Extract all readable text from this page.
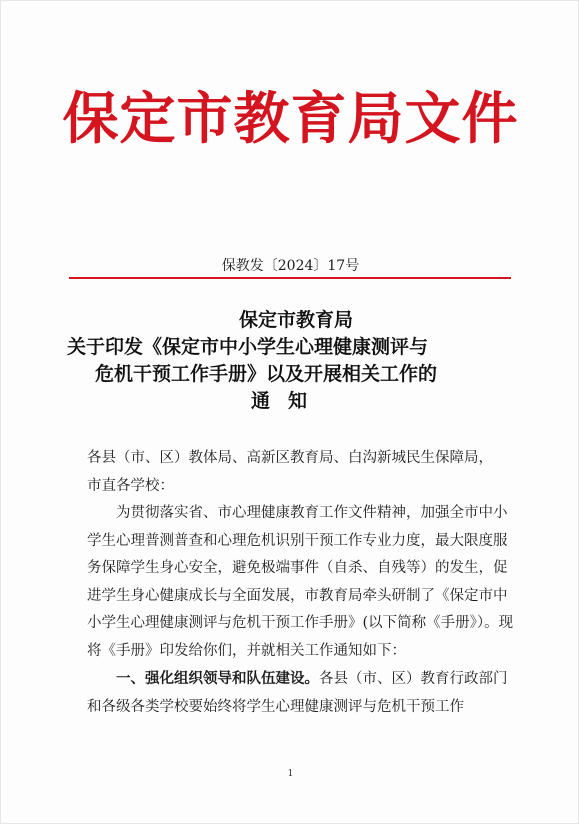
保定市教育局文件
保教发〔2024〕17号
保定市教育局
关于印发《保定市中小学生心理健康测评与
危机干预工作手册》以及开展相关工作的
通知

各县（市、区）教体局、高新区教育局、白沟新城民生保障局，

市直各学校：

为贯彻落实省、市心理健康教育工作文件精神，加强全市中小学生心理普测普查和心理危机识别干预工作专业力度，最大限度服务保障学生身心安全，避免极端事件（自杀、自残等）的发生，促进学生身心健康成长与全面发展，市教育局牵头研制了《保定市中小学生心理健康测评与危机干预工作手册》(以下简称《手册》）。现将《手册》印发给你们，并就相关工作通知如下：

一、强化组织领导和队伍建设。各县（市、区）教育行政部门和各级各类学校要始终将学生心理健康测评与危机干预工作

1
